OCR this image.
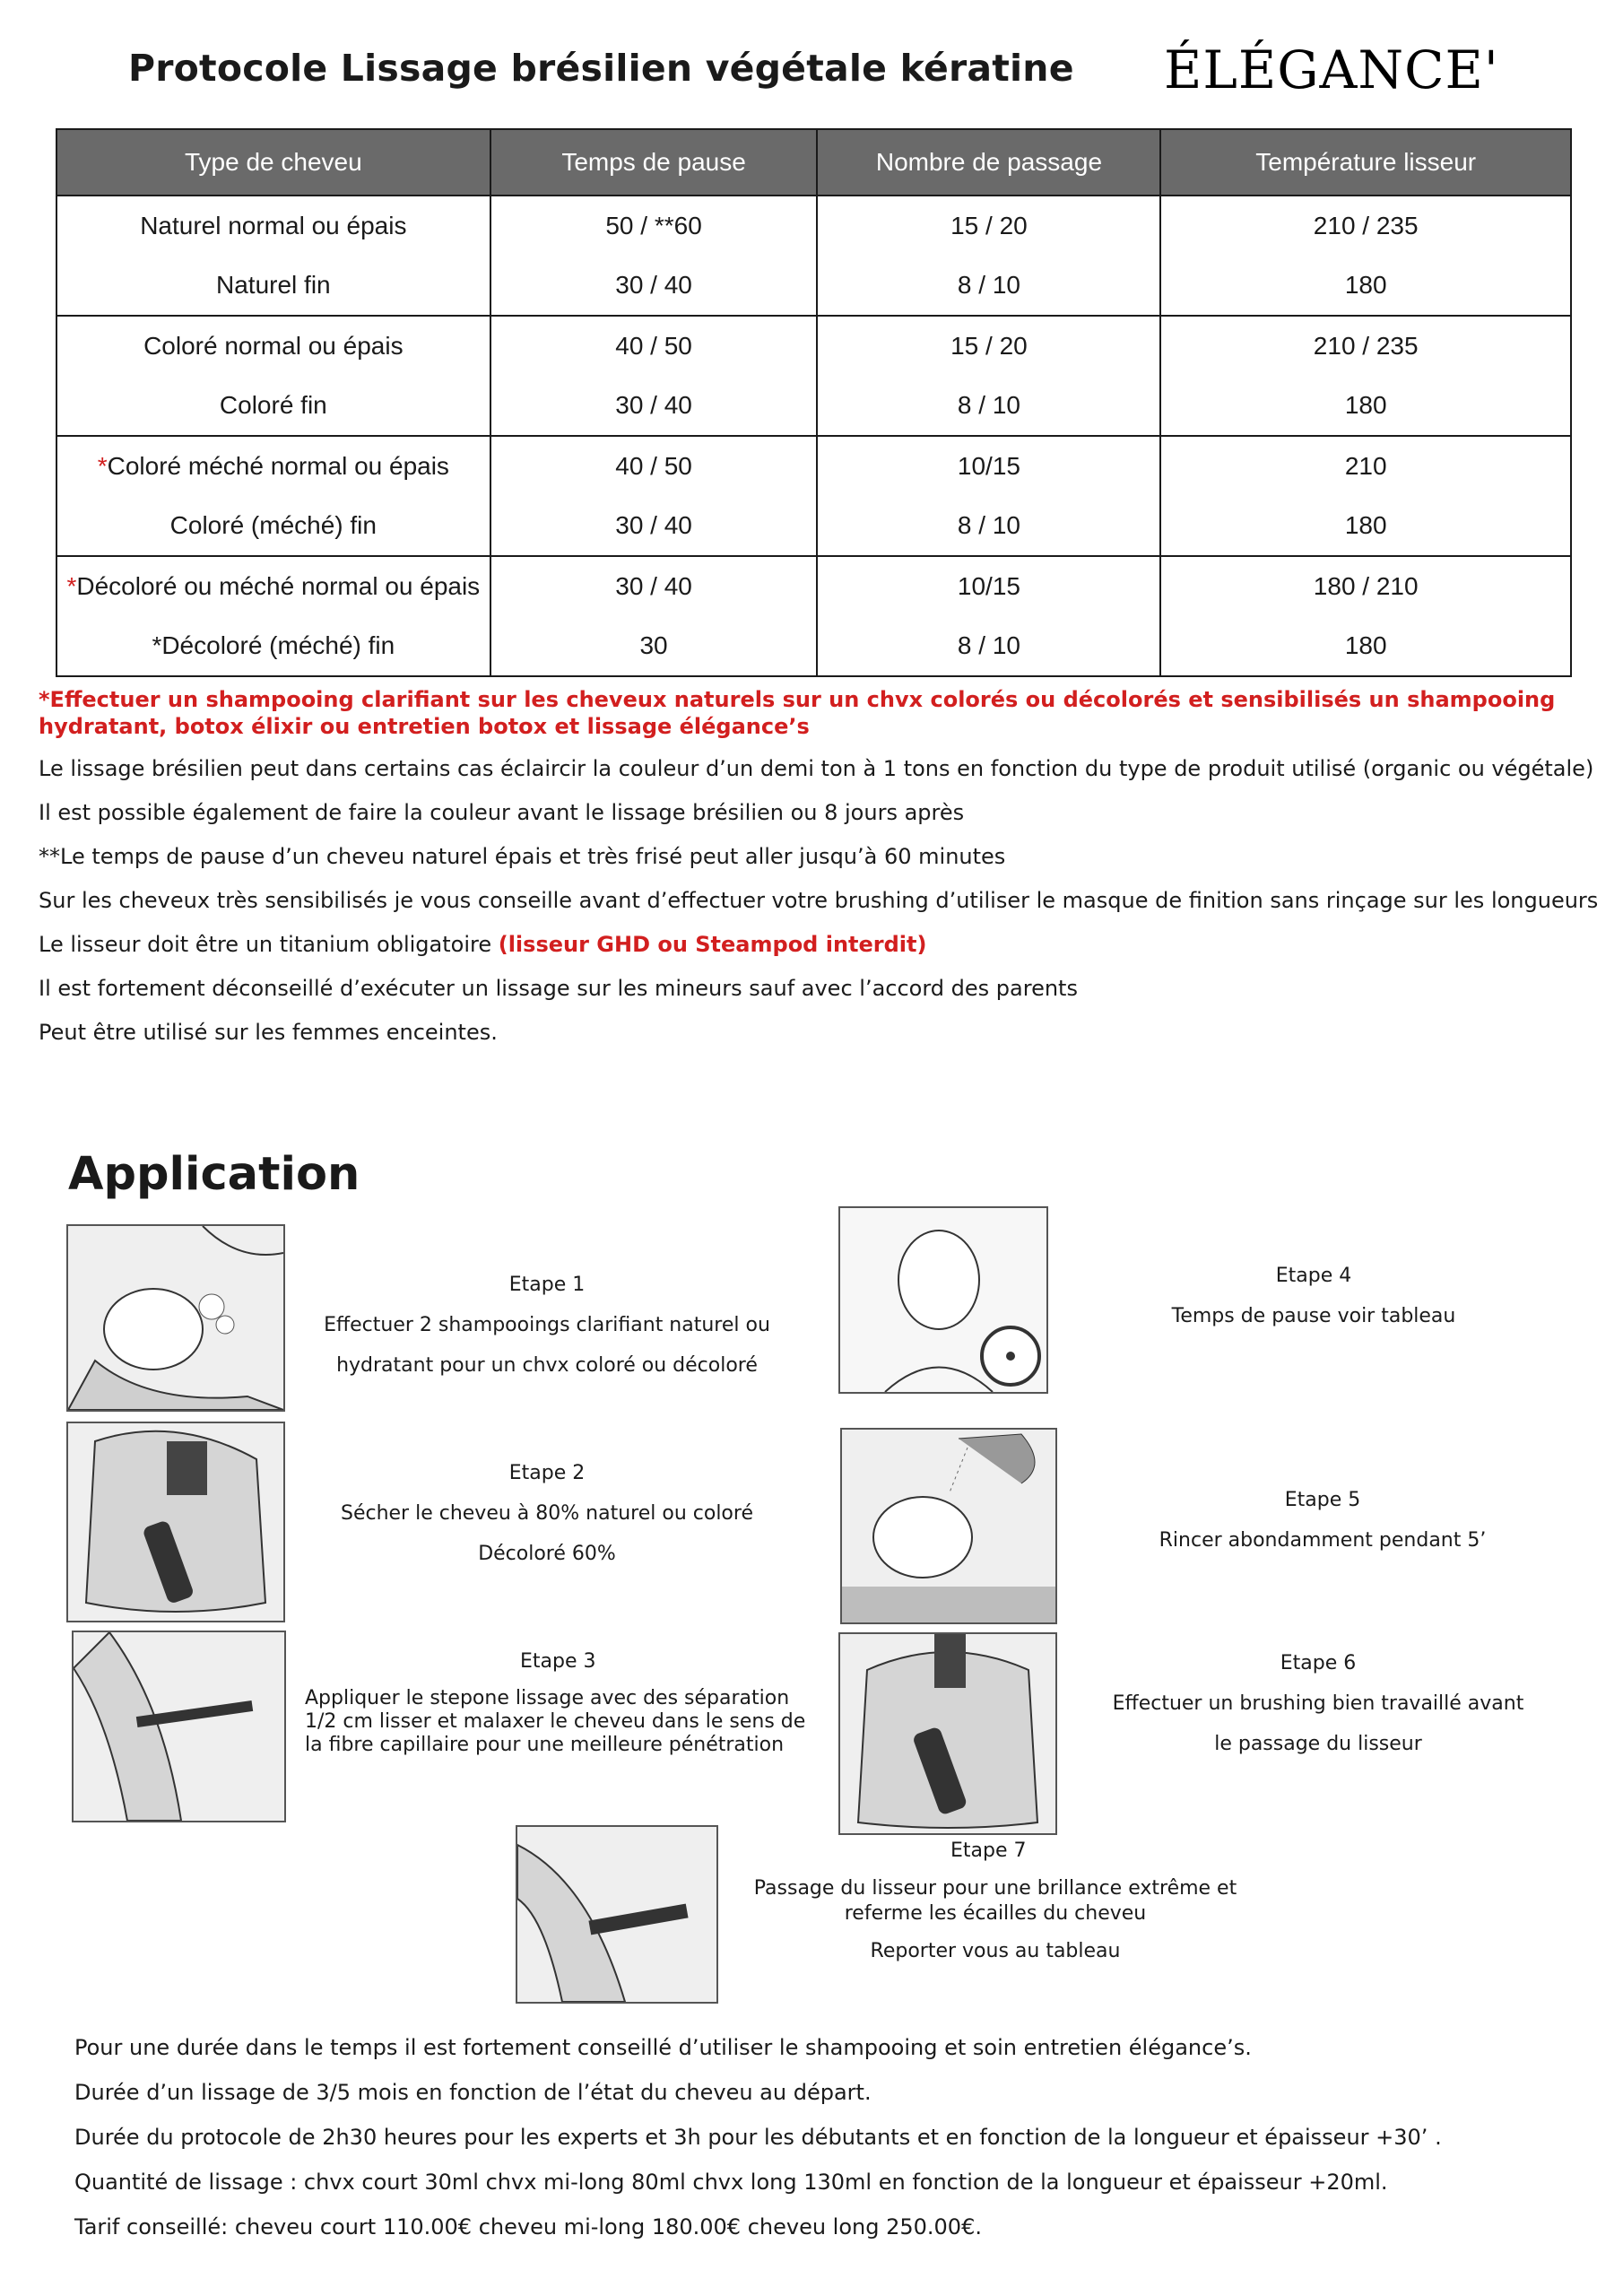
Protocole Lissage brésilien végétale kératine ÉLÉGANCE'S
Type de cheveu	Temps de pause	Nombre de passage	Température lisseur
Naturel normal ou épais	50 / **60	15 / 20	210 / 235
Naturel fin	30 / 40	8 / 10	180
Coloré normal ou épais	40 / 50	15 / 20	210 / 235
Coloré fin	30 / 40	8 / 10	180
*Coloré méché normal ou épais	40 / 50	10/15	210
Coloré (méché) fin	30 / 40	8 / 10	180
*Décoloré ou méché normal ou épais	30 / 40	10/15	180 / 210
*Décoloré (méché) fin	30	8 / 10	180

*Effectuer un shampooing clarifiant sur les cheveux naturels sur un chvx colorés ou décolorés et sensibilisés un shampooing hydratant, botox élixir ou entretien botox et lissage élégance’s

Le lissage brésilien peut dans certains cas éclaircir la couleur d’un demi ton à 1 tons en fonction du type de produit utilisé (organic ou végétale)

Il est possible également de faire la couleur avant le lissage brésilien ou 8 jours après

**Le temps de pause d’un cheveu naturel épais et très frisé peut aller jusqu’à 60 minutes

Sur les cheveux très sensibilisés je vous conseille avant d’effectuer votre brushing d’utiliser le masque de finition sans rinçage sur les longueurs

Le lisseur doit être un titanium obligatoire (lisseur GHD ou Steampod interdit)

Il est fortement déconseillé d’exécuter un lissage sur les mineurs sauf avec l’accord des parents

Peut être utilisé sur les femmes enceintes.

Application
Etape 1
Effectuer 2 shampooings clarifiant naturel ou
hydratant pour un chvx coloré ou décoloré
Etape 2
Sécher le cheveu à 80% naturel ou coloré
Décoloré 60%
Etape 3
Appliquer le stepone lissage avec des séparation
1/2 cm lisser et malaxer le cheveu dans le sens de
la fibre capillaire pour une meilleure pénétration
Etape 4
Temps de pause voir tableau
Etape 5
Rincer abondamment pendant 5’
Etape 6
Effectuer un brushing bien travaillé avant
le passage du lisseur
Etape 7
Passage du lisseur pour une brillance extrême et
referme les écailles du cheveu
Reporter vous au tableau

Pour une durée dans le temps il est fortement conseillé d’utiliser le shampooing et soin entretien élégance’s.

Durée d’un lissage de 3/5 mois en fonction de l’état du cheveu au départ.

Durée du protocole de 2h30 heures pour les experts et 3h pour les débutants et en fonction de la longueur et épaisseur +30’ .

Quantité de lissage : chvx court 30ml chvx mi-long 80ml chvx long 130ml en fonction de la longueur et épaisseur +20ml.

Tarif conseillé: cheveu court 110.00€ cheveu mi-long 180.00€ cheveu long 250.00€.
